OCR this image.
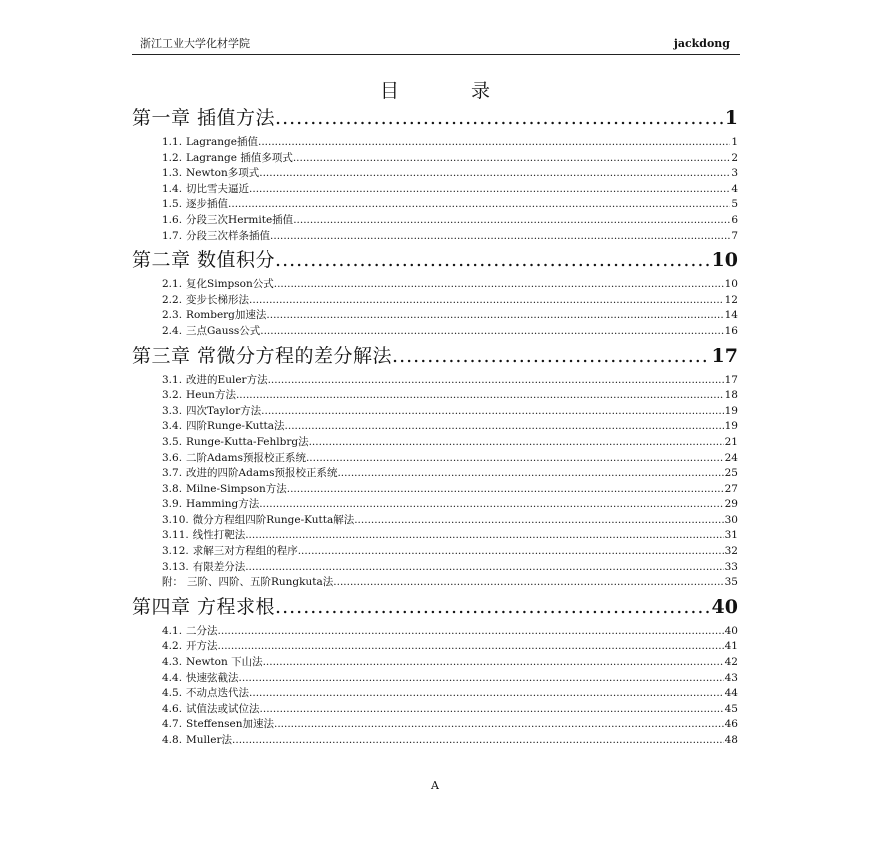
浙江工业大学化材学院	jackdong
目	录
第一章 插值方法 .....	1
1.1. Lagrange插值 .....	1
1.2. Lagrange 插值多项式 .....	2
1.3. Newton多项式 .....	3
1.4. 切比雪夫逼近 .....	4
1.5. 逐步插值 .....	5
1.6. 分段三次Hermite插值 .....	6
1.7. 分段三次样条插值 .....	7
第二章 数值积分 .....	10
2.1. 复化Simpson公式 .....	10
2.2. 变步长梯形法 .....	12
2.3. Romberg加速法 .....	14
2.4. 三点Gauss公式 .....	16
第三章 常微分方程的差分解法 .....	17
3.1. 改进的Euler方法 .....	17
3.2. Heun方法 .....	18
3.3. 四次Taylor方法 .....	19
3.4. 四阶Runge-Kutta法 .....	19
3.5. Runge-Kutta-Fehlbrg法 .....	21
3.6. 二阶Adams预报校正系统 .....	24
3.7. 改进的四阶Adams预报校正系统 .....	25
3.8. Milne-Simpson方法 .....	27
3.9. Hamming方法 .....	29
3.10. 微分方程组四阶Runge-Kutta解法 .....	30
3.11. 线性打靶法 .....	31
3.12. 求解三对方程组的程序 .....	32
3.13. 有限差分法 .....	33
附： 三阶、四阶、五阶Rungkuta法 .....	35
第四章 方程求根 .....	40
4.1. 二分法 .....	40
4.2. 开方法 .....	41
4.3. Newton 下山法 .....	42
4.4. 快速弦截法 .....	43
4.5. 不动点迭代法 .....	44
4.6. 试值法或试位法 .....	45
4.7. Steffensen加速法 .....	46
4.8. Muller法 .....	48
A
